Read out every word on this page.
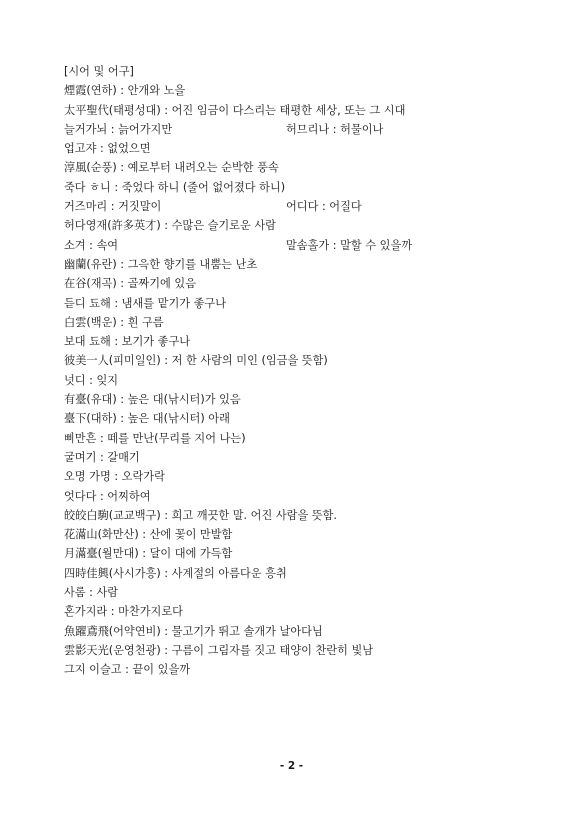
[시어 및 어구]
煙霞(연하) : 안개와 노을
太平聖代(태평성대) : 어진 임금이 다스리는 태평한 세상, 또는 그 시대
늘거가뇌 : 늙어가지만	허므리나 : 허물이나
업고쟈 : 없었으면
淳風(순풍) : 예로부터 내려오는 순박한 풍속
죽다 ㅎ니 : 죽었다 하니 (줄어 없어졌다 하니)
거즈마리 : 거짓말이	어디다 : 어질다
허다영재(許多英才) : 수많은 슬기로운 사람
소겨 : 속여	말솜홀가 : 말할 수 있을까
幽蘭(유란) : 그윽한 향기를 내뿜는 난초
在谷(재곡) : 골짜기에 있음
듣디 됴해 : 냄새를 맡기가 좋구나
白雲(백운) : 흰 구름
보대 됴해 : 보기가 좋구나
彼美一人(피미일인) : 저 한 사람의 미인 (임금을 뜻함)
넛디 : 잊지
有臺(유대) : 높은 대(낚시터)가 있음
臺下(대하) : 높은 대(낚시터) 아래
삐만흔 : 떼를 만난(무리를 지어 나는)
굴며기 : 갈매기
오명 가명 : 오락가락
엇다다 : 어찌하여
皎皎白駒(교교백구) : 희고 깨끗한 말. 어진 사람을 뜻함.
花滿山(화만산) : 산에 꽃이 만발함
月滿臺(월만대) : 달이 대에 가득함
四時佳興(사시가흥) : 사계절의 아름다운 흥취
사롬 : 사람
혼가지라 : 마찬가지로다
魚躍鳶飛(어약연비) : 물고기가 뛰고 솔개가 날아다님
雲影天光(운영천광) : 구름이 그림자를 짓고 태양이 찬란히 빛남
그지 이슬고 : 끝이 있을까
- 2 -
